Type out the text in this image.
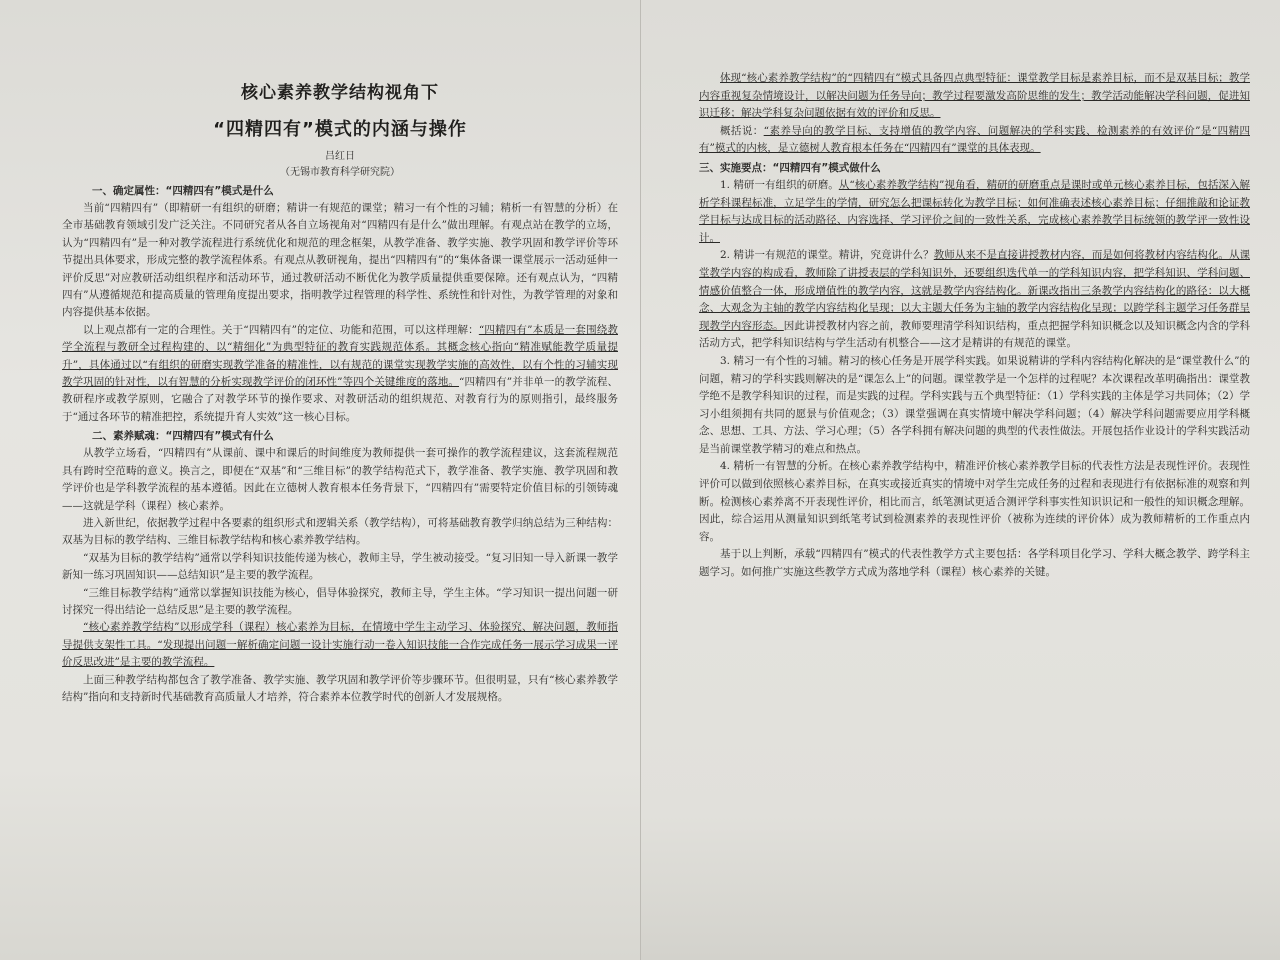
核心素养教学结构视角下
“四精四有”模式的内涵与操作

吕红日

（无锡市教育科学研究院）

一、确定属性：“四精四有”模式是什么

当前“四精四有”（即精研一有组织的研磨；精讲一有规范的课堂；精习一有个性的习辅；精析一有智慧的分析）在全市基础教育领域引发广泛关注。不同研究者从各自立场视角对“四精四有是什么”做出理解。有观点站在教学的立场，认为“四精四有”是一种对教学流程进行系统优化和规范的理念框架，从教学准备、教学实施、教学巩固和教学评价等环节提出具体要求，形成完整的教学流程体系。有观点从教研视角，提出“四精四有”的“集体备课一课堂展示一活动延伸一评价反思”对应教研活动组织程序和活动环节，通过教研活动不断优化为教学质量提供重要保障。还有观点认为，“四精四有”从遵循规范和提高质量的管理角度提出要求，指明教学过程管理的科学性、系统性和针对性，为教学管理的对象和内容提供基本依据。

以上观点都有一定的合理性。关于“四精四有”的定位、功能和范围，可以这样理解：“四精四有”本质是一套围绕教学全流程与教研全过程构建的、以“精细化”为典型特征的教育实践规范体系。其概念核心指向“精准赋能教学质量提升”，具体通过以“有组织的研磨实现教学准备的精准性，以有规范的课堂实现教学实施的高效性，以有个性的习辅实现教学巩固的针对性，以有智慧的分析实现教学评价的闭环性”等四个关键维度的落地。“四精四有”并非单一的教学流程、教研程序或教学原则，它融合了对教学环节的操作要求、对教研活动的组织规范、对教育行为的原则指引，最终服务于“通过各环节的精准把控，系统提升育人实效”这一核心目标。

二、素养赋魂：“四精四有”模式有什么

从教学立场看，“四精四有”从课前、课中和课后的时间维度为教师提供一套可操作的教学流程建议，这套流程规范具有跨时空范畴的意义。换言之，即便在“双基”和“三维目标”的教学结构范式下，教学准备、教学实施、教学巩固和教学评价也是学科教学流程的基本遵循。因此在立德树人教育根本任务背景下，“四精四有”需要特定价值目标的引领铸魂——这就是学科（课程）核心素养。

进入新世纪，依据教学过程中各要素的组织形式和逻辑关系（教学结构），可将基础教育教学归纳总结为三种结构：双基为目标的教学结构、三维目标教学结构和核心素养教学结构。

“双基为目标的教学结构”通常以学科知识技能传递为核心，教师主导，学生被动接受。“复习旧知一导入新课一教学新知一练习巩固知识——总结知识”是主要的教学流程。

“三维目标教学结构”通常以掌握知识技能为核心，倡导体验探究，教师主导，学生主体。“学习知识一提出问题一研讨探究一得出结论一总结反思”是主要的教学流程。

“核心素养教学结构”以形成学科（课程）核心素养为目标，在情境中学生主动学习、体验探究、解决问题，教师指导提供支架性工具。“发现提出问题一解析确定问题一设计实施行动一卷入知识技能一合作完成任务一展示学习成果一评价反思改进”是主要的教学流程。

上面三种教学结构都包含了教学准备、教学实施、教学巩固和教学评价等步骤环节。但很明显，只有“核心素养教学结构”指向和支持新时代基础教育高质量人才培养，符合素养本位教学时代的创新人才发展规格。

体现“核心素养教学结构”的“四精四有”模式具备四点典型特征：课堂教学目标是素养目标，而不是双基目标；教学内容重视复杂情境设计，以解决问题为任务导向；教学过程要激发高阶思维的发生；教学活动能解决学科问题，促进知识迁移；解决学科复杂问题依据有效的评价和反思。

概括说：“素养导向的教学目标、支持增值的教学内容、问题解决的学科实践、检测素养的有效评价”是“四精四有”模式的内核，是立德树人教育根本任务在“四精四有”课堂的具体表现。

三、实施要点：“四精四有”模式做什么

1. 精研一有组织的研磨。从“核心素养教学结构”视角看，精研的研磨重点是课时或单元核心素养目标，包括深入解析学科课程标准，立足学生的学情，研究怎么把课标转化为教学目标；如何准确表述核心素养目标；仔细推敲和论证教学目标与达成目标的活动路径、内容选择、学习评价之间的一致性关系，完成核心素养教学目标统领的教学评一致性设计。

2. 精讲一有规范的课堂。精讲，究竟讲什么？教师从来不是直接讲授教材内容，而是如何将教材内容结构化。从课堂教学内容的构成看，教师除了讲授表层的学科知识外，还要组织迭代单一的学科知识内容，把学科知识、学科问题、情感价值整合一体，形成增值性的教学内容，这就是教学内容结构化。新课改指出三条教学内容结构化的路径：以大概念、大观念为主轴的教学内容结构化呈现；以大主题大任务为主轴的教学内容结构化呈现；以跨学科主题学习任务群呈现教学内容形态。因此讲授教材内容之前，教师要理清学科知识结构，重点把握学科知识概念以及知识概念内含的学科活动方式，把学科知识结构与学生活动有机整合——这才是精讲的有规范的课堂。

3. 精习一有个性的习辅。精习的核心任务是开展学科实践。如果说精讲的学科内容结构化解决的是“课堂教什么”的问题，精习的学科实践则解决的是“课怎么上”的问题。课堂教学是一个怎样的过程呢？本次课程改革明确指出：课堂教学绝不是教学科知识的过程，而是实践的过程。学科实践与五个典型特征：（1）学科实践的主体是学习共同体；（2）学习小组须拥有共同的愿景与价值观念；（3）课堂强调在真实情境中解决学科问题；（4）解决学科问题需要应用学科概念、思想、工具、方法、学习心理；（5）各学科拥有解决问题的典型的代表性做法。开展包括作业设计的学科实践活动是当前课堂教学精习的难点和热点。

4. 精析一有智慧的分析。在核心素养教学结构中，精准评价核心素养教学目标的代表性方法是表现性评价。表现性评价可以做到依照核心素养目标，在真实或接近真实的情境中对学生完成任务的过程和表现进行有依据标准的观察和判断。检测核心素养离不开表现性评价，相比而言，纸笔测试更适合测评学科事实性知识识记和一般性的知识概念理解。因此，综合运用从测量知识到纸笔考试到检测素养的表现性评价（被称为连续的评价体）成为教师精析的工作重点内容。

基于以上判断，承载“四精四有”模式的代表性教学方式主要包括：各学科项目化学习、学科大概念教学、跨学科主题学习。如何推广实施这些教学方式成为落地学科（课程）核心素养的关键。
